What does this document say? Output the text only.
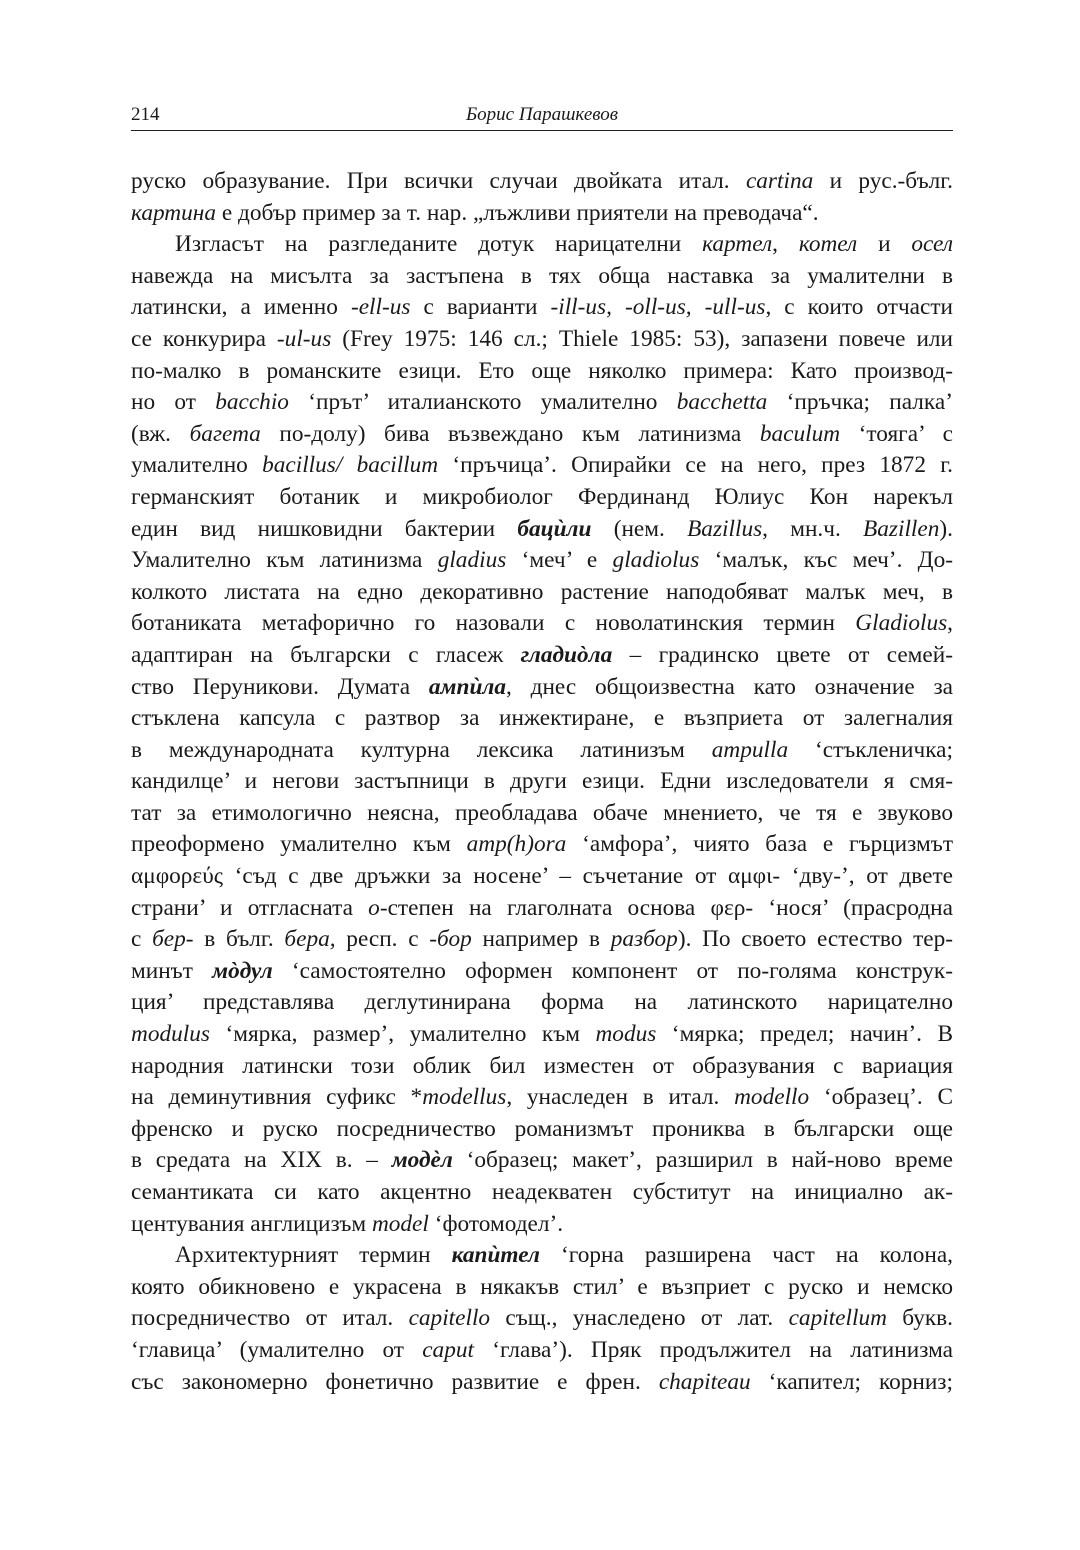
214	Борис Парашкевов
руско образувание. При всички случаи двойката итал. cartina и рус.-бълг.
картина е добър пример за т. нар. „лъжливи приятели на преводача“.
Изгласът на разгледаните дотук нарицателни картел, котел и осел
навежда на мисълта за застъпена в тях обща наставка за умалителни в
латински, а именно -ell-us с варианти -ill-us, -oll-us, -ull-us, с които отчасти
се конкурира -ul-us (Frey 1975: 146 сл.; Thiele 1985: 53), запазени повече или
по-малко в романските езици. Ето още няколко примера: Като производ-
но от bacchio ‘прът’ италианското умалително bacchetta ‘пръчка; палка’
(вж. багета по-долу) бива възвеждано към латинизма baculum ‘тояга’ с
умалително bacillus/ bacillum ‘пръчица’. Опирайки се на него, през 1872 г.
германският ботаник и микробиолог Фердинанд Юлиус Кон нарекъл
един вид нишковидни бактерии бацѝли (нем. Bazillus, мн.ч. Bazillen).
Умалително към латинизма gladius ‘меч’ е gladiolus ‘малък, къс меч’. До-
колкото листата на едно декоративно растение наподобяват малък меч, в
ботаниката метафорично го назовали с новолатинския термин Gladiolus,
адаптиран на български с гласеж гладиòла – градинско цвете от семей-
ство Перуникови. Думата ампѝла, днес общоизвестна като означение за
стъклена капсула с разтвор за инжектиране, е възприета от залегналия
в международната културна лексика латинизъм ampulla ‘стъкленичка;
кандилце’ и негови застъпници в други езици. Едни изследователи я смя-
тат за етимологично неясна, преобладава обаче мнението, че тя е звуково
преоформено умалително към amp(h)ora ‘амфора’, чиято база е гърцизмът
αμφορεύς ‘съд с две дръжки за носене’ – съчетание от αμφι- ‘дву-’, от двете
страни’ и отгласната о-степен на глаголната основа φερ- ‘нося’ (прасродна
с бер- в бълг. бера, респ. с -бор например в разбор). По своето естество тер-
минът мòдул ‘самостоятелно оформен компонент от по-голяма конструк-
ция’ представлява деглутинирана форма на латинското нарицателно
modulus ‘мярка, размер’, умалително към modus ‘мярка; предел; начин’. В
народния латински този облик бил изместен от образувания с вариация
на деминутивния суфикс *modellus, унаследен в итал. modello ‘образец’. С
френско и руско посредничество романизмът прониква в български още
в средата на XIX в. – модѐл ‘образец; макет’, разширил в най-ново време
семантиката си като акцентно неадекватен субститут на инициално ак-
центувания англицизъм model ‘фотомодел’.
Архитектурният термин капѝтел ‘горна разширена част на колона,
която обикновено е украсена в някакъв стил’ е възприет с руско и немско
посредничество от итал. capitello същ., унаследено от лат. capitellum букв.
‘главица’ (умалително от caput ‘глава’). Пряк продължител на латинизма
със закономерно фонетично развитие е френ. chapiteau ‘капител; корниз;
